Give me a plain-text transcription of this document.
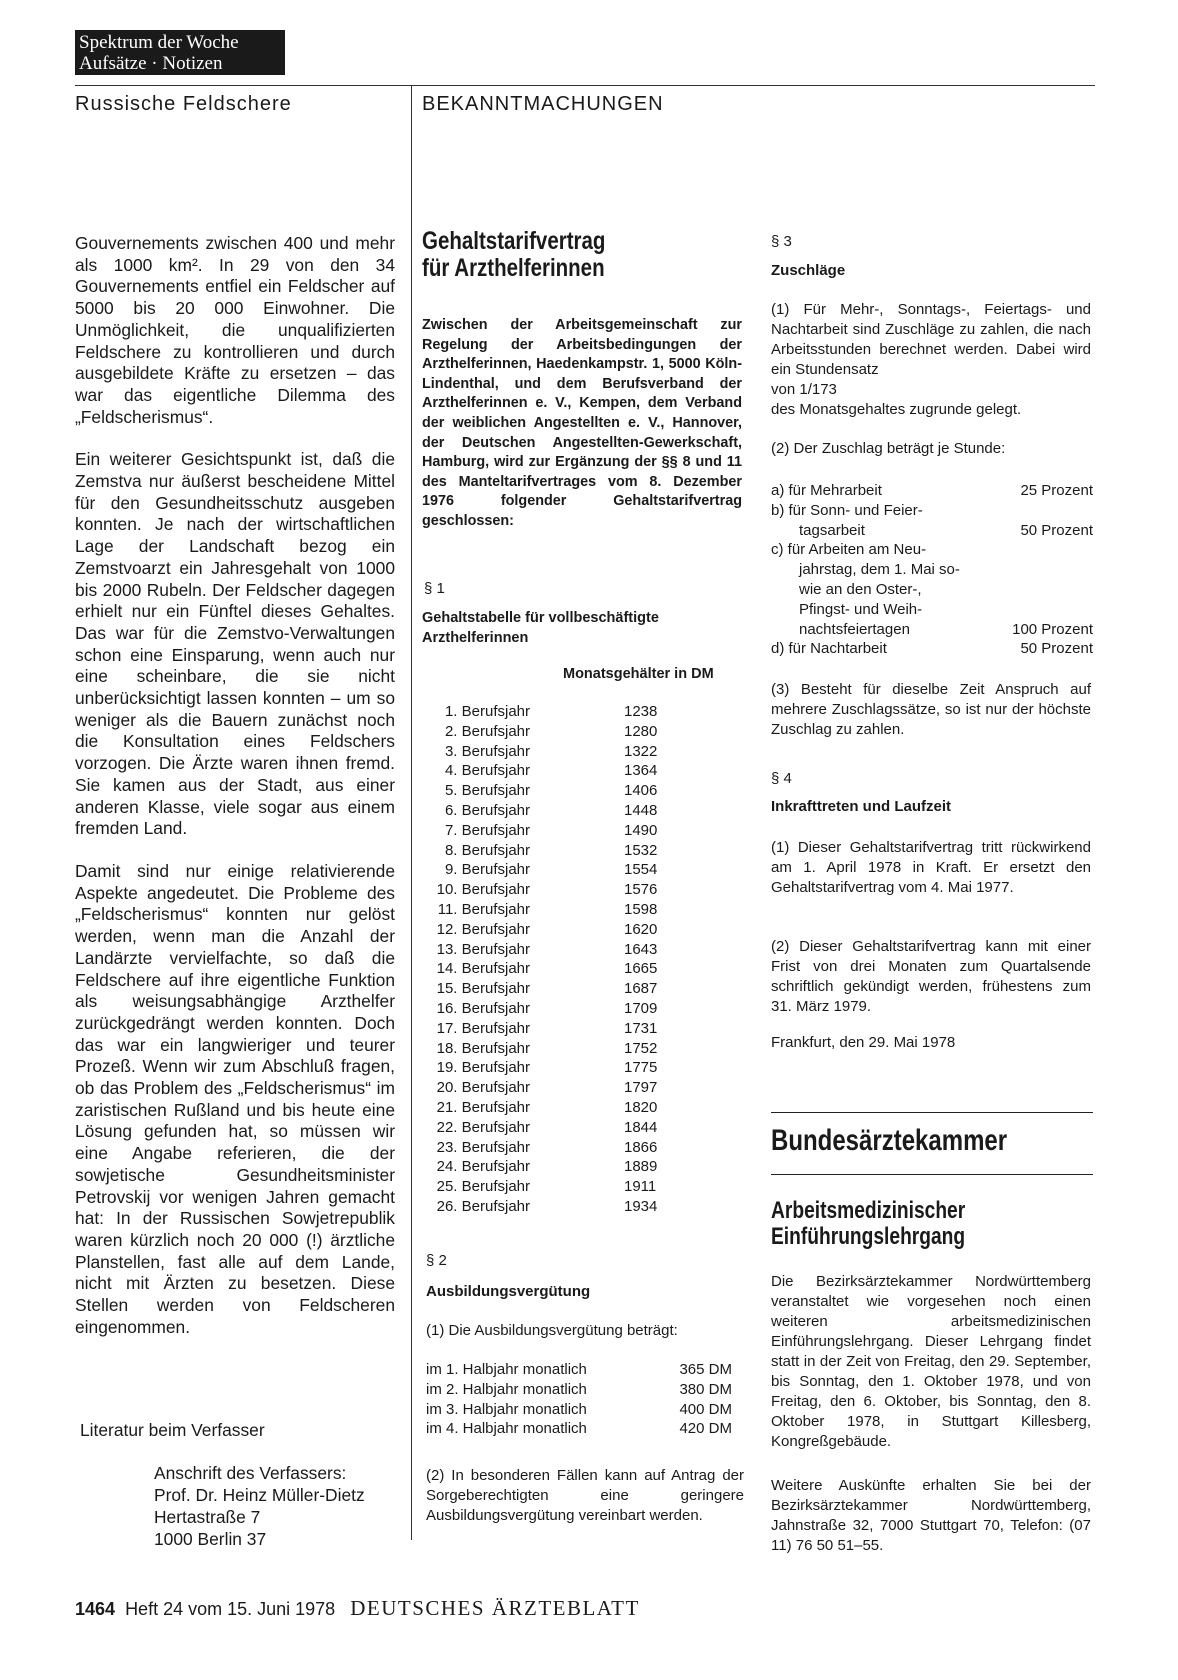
Spektrum der Woche
Aufsätze · Notizen
Russische Feldschere	BEKANNTMACHUNGEN

Gouvernements zwischen 400 und mehr als 1000 km². In 29 von den 34 Gouvernements entfiel ein Feldscher auf 5000 bis 20 000 Einwohner. Die Unmöglichkeit, die unqualifizierten Feldschere zu kontrollieren und durch ausgebildete Kräfte zu ersetzen – das war das eigentliche Dilemma des „Feldscherismus“.

Ein weiterer Gesichtspunkt ist, daß die Zemstva nur äußerst bescheidene Mittel für den Gesundheitsschutz ausgeben konnten. Je nach der wirtschaftlichen Lage der Landschaft bezog ein Zemstvoarzt ein Jahresgehalt von 1000 bis 2000 Rubeln. Der Feldscher dagegen erhielt nur ein Fünftel dieses Gehaltes. Das war für die Zemstvo-Verwaltungen schon eine Einsparung, wenn auch nur eine scheinbare, die sie nicht unberücksichtigt lassen konnten – um so weniger als die Bauern zunächst noch die Konsultation eines Feldschers vorzogen. Die Ärzte waren ihnen fremd. Sie kamen aus der Stadt, aus einer anderen Klasse, viele sogar aus einem fremden Land.

Damit sind nur einige relativierende Aspekte angedeutet. Die Probleme des „Feldscherismus“ konnten nur gelöst werden, wenn man die Anzahl der Landärzte vervielfachte, so daß die Feldschere auf ihre eigentliche Funktion als weisungsabhängige Arzthelfer zurückgedrängt werden konnten. Doch das war ein langwieriger und teurer Prozeß. Wenn wir zum Abschluß fragen, ob das Problem des „Feldscherismus“ im zaristischen Rußland und bis heute eine Lösung gefunden hat, so müssen wir eine Angabe referieren, die der sowjetische Gesundheitsminister Petrovskij vor wenigen Jahren gemacht hat: In der Russischen Sowjetrepublik waren kürzlich noch 20 000 (!) ärztliche Planstellen, fast alle auf dem Lande, nicht mit Ärzten zu besetzen. Diese Stellen werden von Feldscheren eingenommen.

Literatur beim Verfasser
Anschrift des Verfassers:
Prof. Dr. Heinz Müller-Dietz
Hertastraße 7
1000 Berlin 37
Gehaltstarifvertrag
für Arzthelferinnen
Zwischen der Arbeitsgemeinschaft zur Regelung der Arbeitsbedingungen der Arzthelferinnen, Haedenkampstr. 1, 5000 Köln-Lindenthal, und dem Berufsverband der Arzthelferinnen e. V., Kempen, dem Verband der weiblichen Angestellten e. V., Hannover, der Deutschen Angestellten-Gewerkschaft, Hamburg, wird zur Ergänzung der §§ 8 und 11 des Manteltarifvertrages vom 8. Dezember 1976 folgender Gehaltstarifvertrag geschlossen:
§ 1
Gehaltstabelle für vollbeschäftigte Arzthelferinnen
Monatsgehälter in DM
1. Berufsjahr	1238
2. Berufsjahr	1280
3. Berufsjahr	1322
4. Berufsjahr	1364
5. Berufsjahr	1406
6. Berufsjahr	1448
7. Berufsjahr	1490
8. Berufsjahr	1532
9. Berufsjahr	1554
10. Berufsjahr	1576
11. Berufsjahr	1598
12. Berufsjahr	1620
13. Berufsjahr	1643
14. Berufsjahr	1665
15. Berufsjahr	1687
16. Berufsjahr	1709
17. Berufsjahr	1731
18. Berufsjahr	1752
19. Berufsjahr	1775
20. Berufsjahr	1797
21. Berufsjahr	1820
22. Berufsjahr	1844
23. Berufsjahr	1866
24. Berufsjahr	1889
25. Berufsjahr	1911
26. Berufsjahr	1934
§ 2
Ausbildungsvergütung
(1) Die Ausbildungsvergütung beträgt:
im 1. Halbjahr monatlich	365 DM
im 2. Halbjahr monatlich	380 DM
im 3. Halbjahr monatlich	400 DM
im 4. Halbjahr monatlich	420 DM
(2) In besonderen Fällen kann auf Antrag der Sorgeberechtigten eine geringere Ausbildungsvergütung vereinbart werden.
§ 3
Zuschläge

(1) Für Mehr-, Sonntags-, Feiertags- und Nachtarbeit sind Zuschläge zu zahlen, die nach Arbeitsstunden berechnet werden. Dabei wird ein Stundensatz

von 1/173

des Monatsgehaltes zugrunde gelegt.

(2) Der Zuschlag beträgt je Stunde:
a) für Mehrarbeit	25 Prozent
b) für Sonn- und Feier-
tagsarbeit	50 Prozent
c) für Arbeiten am Neu-
jahrstag, dem 1. Mai so-
wie an den Oster-,
Pfingst- und Weih-
nachtsfeiertagen	100 Prozent
d) für Nachtarbeit	50 Prozent
(3) Besteht für dieselbe Zeit Anspruch auf mehrere Zuschlagssätze, so ist nur der höchste Zuschlag zu zahlen.
§ 4
Inkrafttreten und Laufzeit
(1) Dieser Gehaltstarifvertrag tritt rückwirkend am 1. April 1978 in Kraft. Er ersetzt den Gehaltstarifvertrag vom 4. Mai 1977.
(2) Dieser Gehaltstarifvertrag kann mit einer Frist von drei Monaten zum Quartalsende schriftlich gekündigt werden, frühestens zum 31. März 1979.
Frankfurt, den 29. Mai 1978
Bundesärztekammer
Arbeitsmedizinischer
Einführungslehrgang
Die Bezirksärztekammer Nordwürttemberg veranstaltet wie vorgesehen noch einen weiteren arbeitsmedizinischen Einführungslehrgang. Dieser Lehrgang findet statt in der Zeit von Freitag, den 29. September, bis Sonntag, den 1. Oktober 1978, und von Freitag, den 6. Oktober, bis Sonntag, den 8. Oktober 1978, in Stuttgart Killesberg, Kongreßgebäude.
Weitere Auskünfte erhalten Sie bei der Bezirksärztekammer Nordwürttemberg, Jahnstraße 32, 7000 Stuttgart 70, Telefon: (07 11) 76 50 51–55.
1464 Heft 24 vom 15. Juni 1978 DEUTSCHES ÄRZTEBLATT
